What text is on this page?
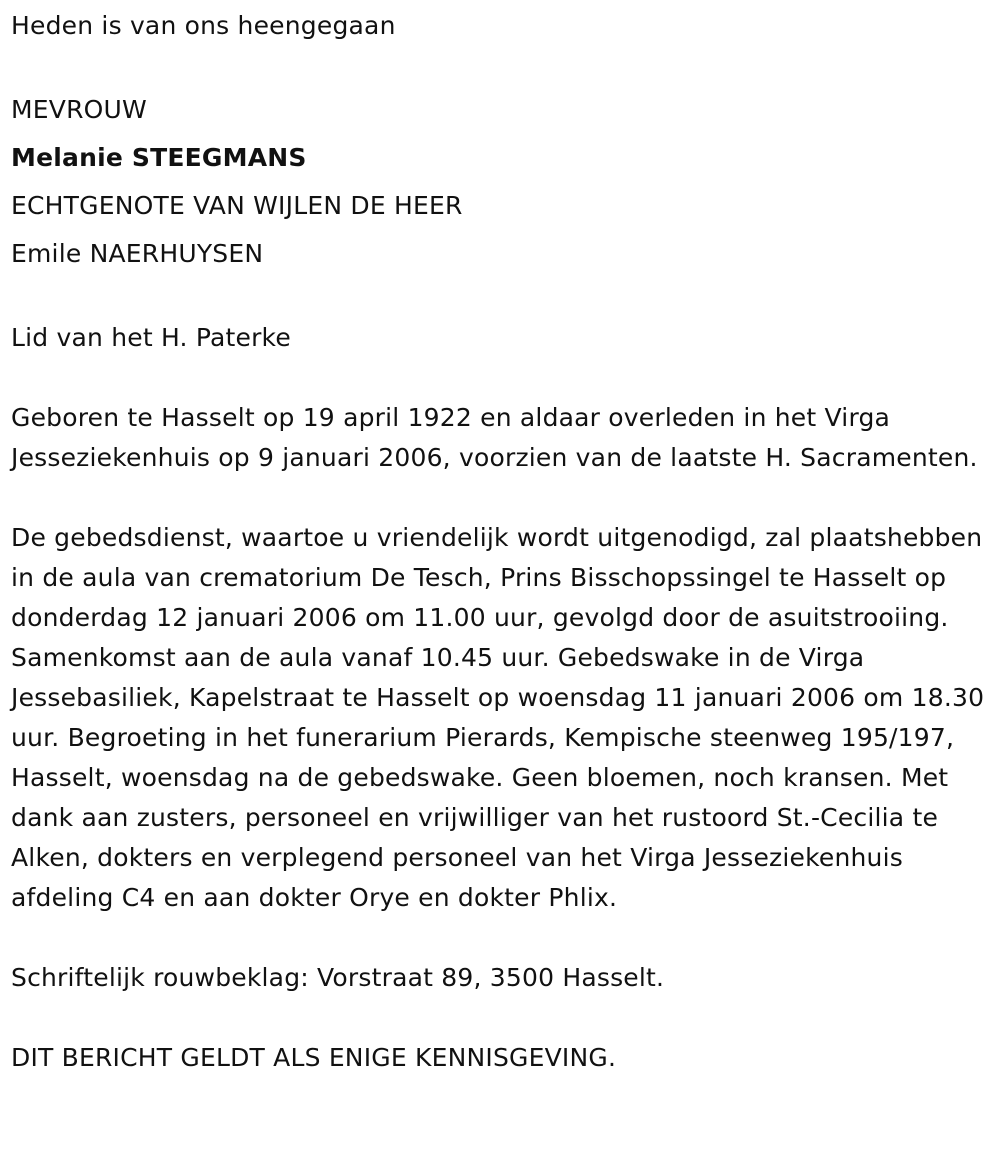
Heden is van ons heengegaan

MEVROUW

Melanie STEEGMANS

ECHTGENOTE VAN WIJLEN DE HEER

Emile NAERHUYSEN

Lid van het H. Paterke

Geboren te Hasselt op 19 april 1922 en aldaar overleden in het Virga Jesseziekenhuis op 9 januari 2006, voorzien van de laatste H. Sacramenten.

De gebedsdienst, waartoe u vriendelijk wordt uitgenodigd, zal plaatshebben in de aula van crematorium De Tesch, Prins Bisschopssingel te Hasselt op donderdag 12 januari 2006 om 11.00 uur, gevolgd door de asuitstrooiing. Samenkomst aan de aula vanaf 10.45 uur. Gebedswake in de Virga Jessebasiliek, Kapelstraat te Hasselt op woensdag 11 januari 2006 om 18.30 uur. Begroeting in het funerarium Pierards, Kempische steenweg 195/197, Hasselt, woensdag na de gebedswake. Geen bloemen, noch kransen. Met dank aan zusters, personeel en vrijwilliger van het rustoord St.-Cecilia te Alken, dokters en verplegend personeel van het Virga Jesseziekenhuis afdeling C4 en aan dokter Orye en dokter Phlix.

Schriftelijk rouwbeklag: Vorstraat 89, 3500 Hasselt.

DIT BERICHT GELDT ALS ENIGE KENNISGEVING.
